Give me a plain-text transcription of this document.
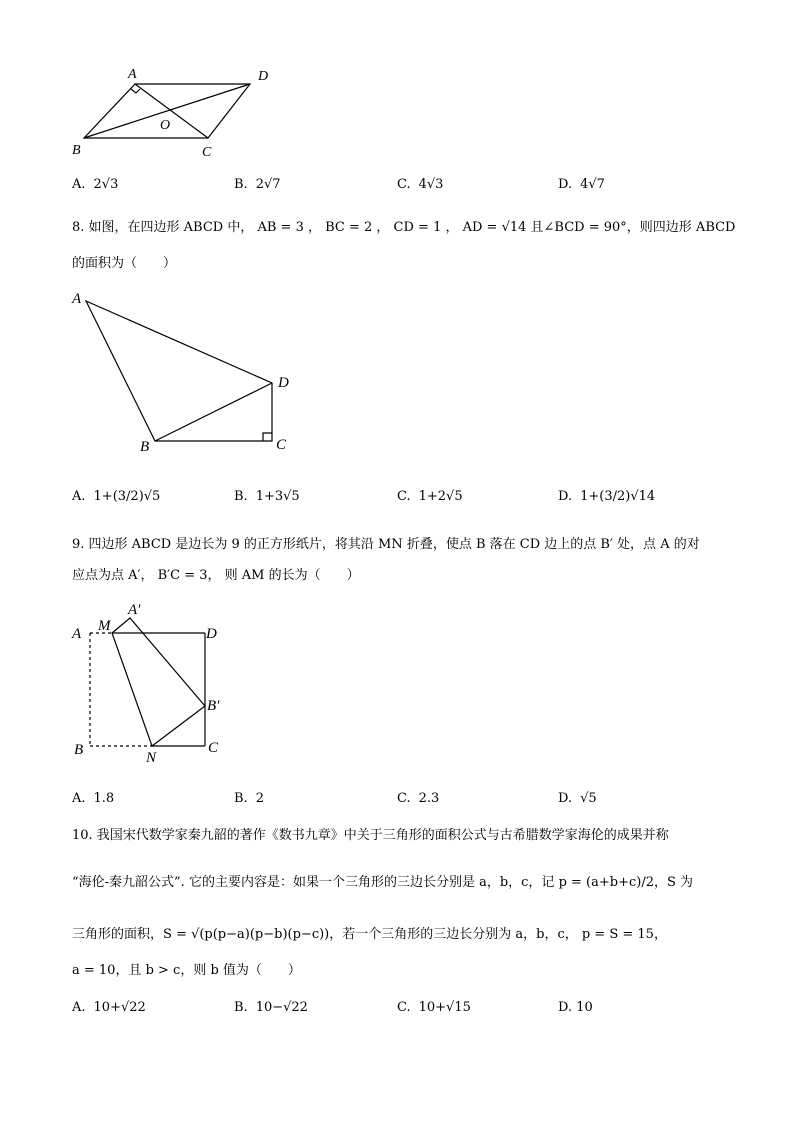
A	D
B	C
O
A. 2√3	B. 2√7	C. 4√3	D. 4√7
8. 如图，在四边形 ABCD 中， AB = 3 ， BC = 2 ， CD = 1 ， AD = √14 且∠BCD = 90°，则四边形 ABCD
的面积为（　　）
A
D
B	C
A. 1+(3/2)√5	B. 1+3√5	C. 1+2√5	D. 1+(3/2)√14
9. 四边形 ABCD 是边长为 9 的正方形纸片，将其沿 MN 折叠，使点 B 落在 CD 边上的点 B′ 处，点 A 的对
应点为点 A′， B′C = 3， 则 AM 的长为（　　）
A M
A′
D
B′
B	N
C
A. 1.8	B. 2	C. 2.3	D. √5
10. 我国宋代数学家秦九韶的著作《数书九章》中关于三角形的面积公式与古希腊数学家海伦的成果并称
“海伦-秦九韶公式”. 它的主要内容是：如果一个三角形的三边长分别是 a，b，c，记 p = (a+b+c)/2，S 为
三角形的面积，S = √(p(p−a)(p−b)(p−c))，若一个三角形的三边长分别为 a，b，c， p = S = 15，
a = 10，且 b > c，则 b 值为（　　）
A. 10+√22	B. 10−√22	C. 10+√15	D. 10
